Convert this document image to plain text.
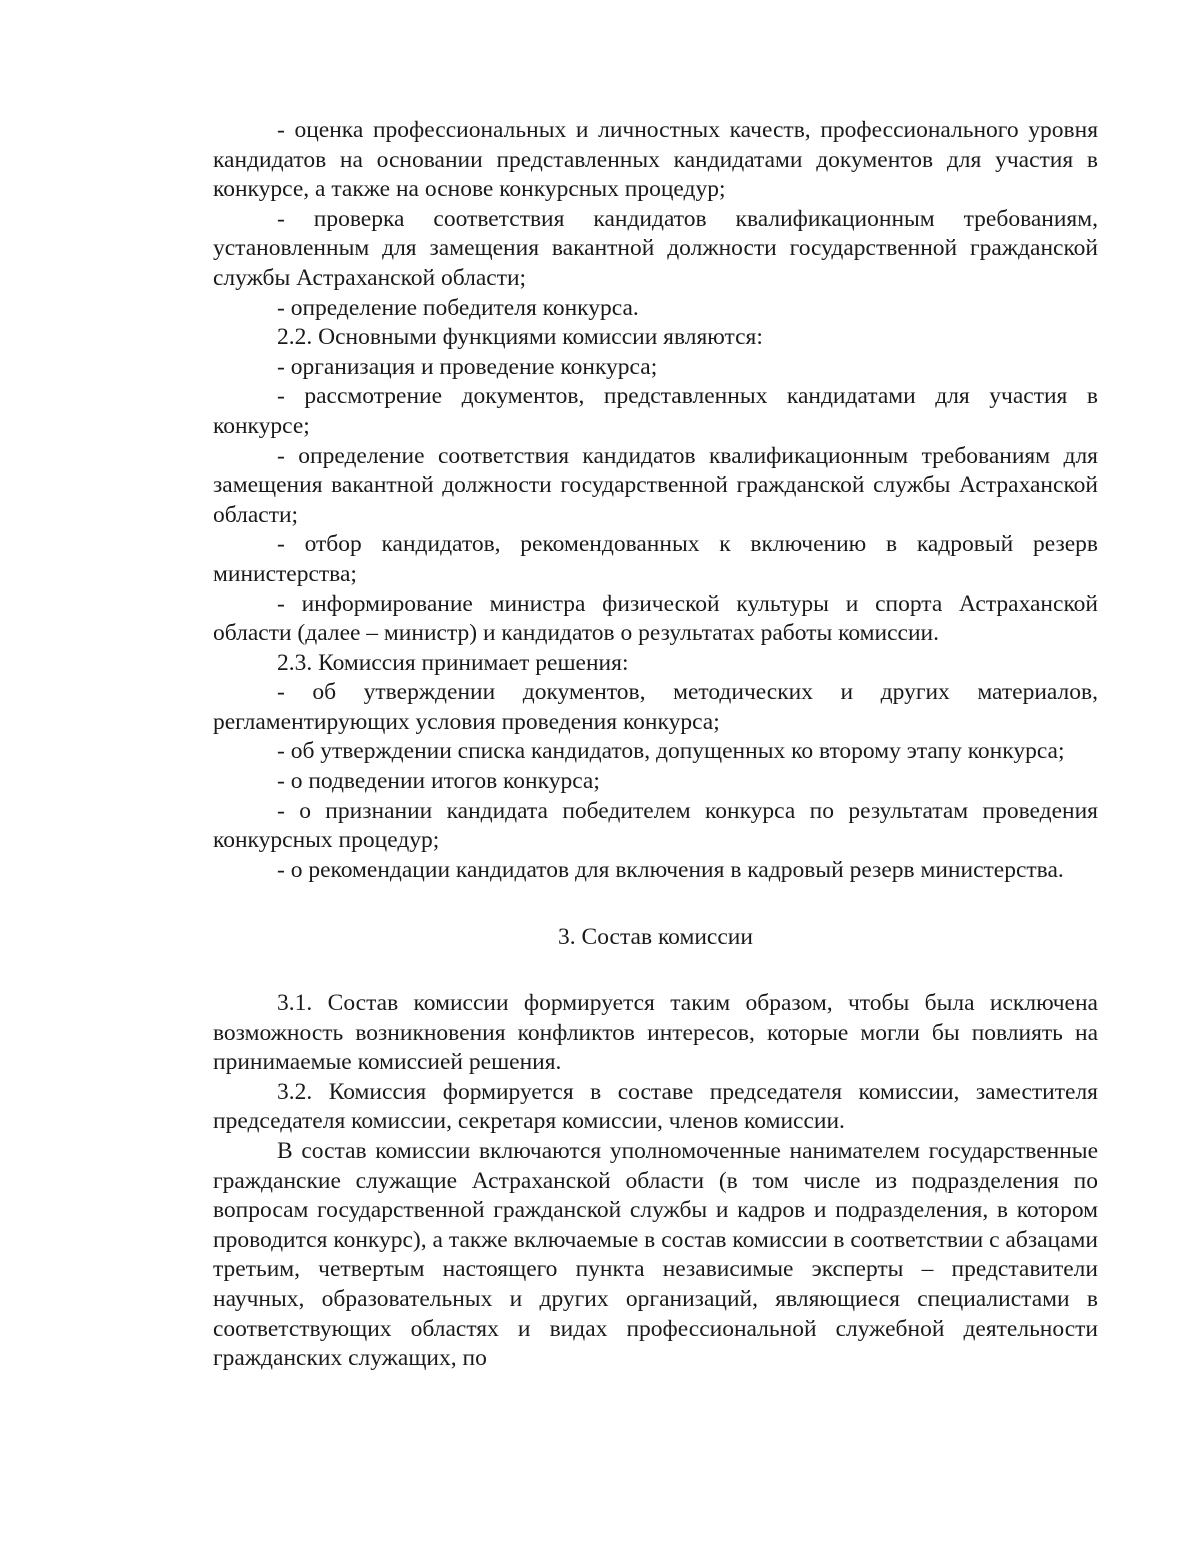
- оценка профессиональных и личностных качеств, профессионального уровня кандидатов на основании представленных кандидатами документов для участия в конкурсе, а также на основе конкурсных процедур;

- проверка соответствия кандидатов квалификационным требованиям, установленным для замещения вакантной должности государственной гражданской службы Астраханской области;

- определение победителя конкурса.

2.2. Основными функциями комиссии являются:

- организация и проведение конкурса;

- рассмотрение документов, представленных кандидатами для участия в конкурсе;

- определение соответствия кандидатов квалификационным требованиям для замещения вакантной должности государственной гражданской службы Астраханской области;

- отбор кандидатов, рекомендованных к включению в кадровый резерв министерства;

- информирование министра физической культуры и спорта Астраханской области (далее – министр) и кандидатов о результатах работы комиссии.

2.3. Комиссия принимает решения:

- об утверждении документов, методических и других материалов, регламентирующих условия проведения конкурса;

- об утверждении списка кандидатов, допущенных ко второму этапу конкурса;

- о подведении итогов конкурса;

- о признании кандидата победителем конкурса по результатам проведения конкурсных процедур;

- о рекомендации кандидатов для включения в кадровый резерв министерства.

3. Состав комиссии

3.1. Состав комиссии формируется таким образом, чтобы была исключена возможность возникновения конфликтов интересов, которые могли бы повлиять на принимаемые комиссией решения.

3.2. Комиссия формируется в составе председателя комиссии, заместителя председателя комиссии, секретаря комиссии, членов комиссии.

В состав комиссии включаются уполномоченные нанимателем государственные гражданские служащие Астраханской области (в том числе из подразделения по вопросам государственной гражданской службы и кадров и подразделения, в котором проводится конкурс), а также включаемые в состав комиссии в соответствии с абзацами третьим, четвертым настоящего пункта независимые эксперты – представители научных, образовательных и других организаций, являющиеся специалистами в соответствующих областях и видах профессиональной служебной деятельности гражданских служащих, по
